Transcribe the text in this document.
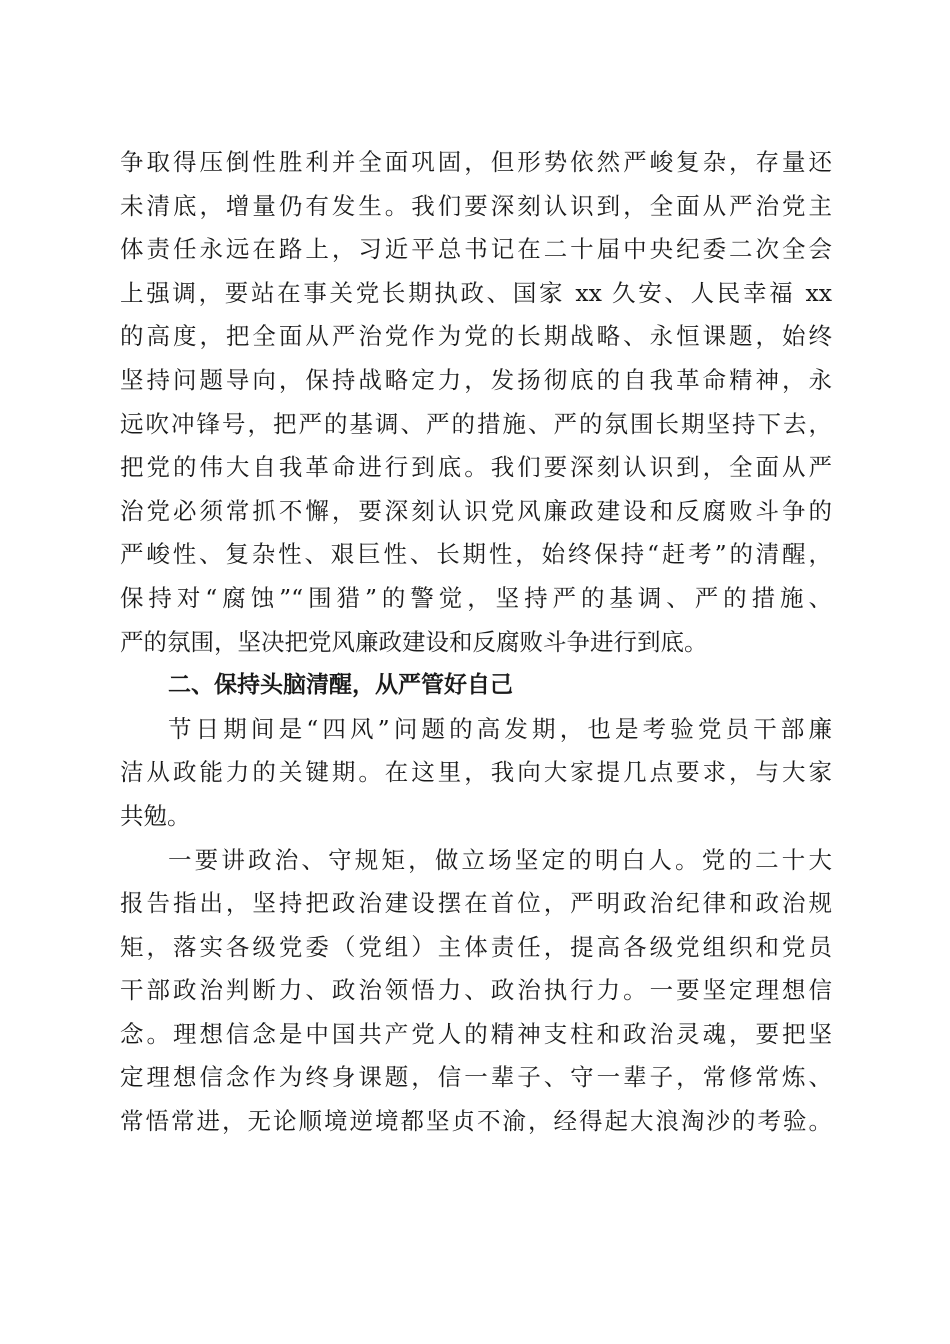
争取得压倒性胜利并全面巩固，但形势依然严峻复杂，存量还
未清底，增量仍有发生。我们要深刻认识到，全面从严治党主
体责任永远在路上，习近平总书记在二十届中央纪委二次全会
上强调，要站在事关党长期执政、国家 xx 久安、人民幸福 xx
的高度，把全面从严治党作为党的长期战略、永恒课题，始终
坚持问题导向，保持战略定力，发扬彻底的自我革命精神，永
远吹冲锋号，把严的基调、严的措施、严的氛围长期坚持下去，
把党的伟大自我革命进行到底。我们要深刻认识到，全面从严
治党必须常抓不懈，要深刻认识党风廉政建设和反腐败斗争的
严峻性、复杂性、艰巨性、长期性，始终保持“赶考”的清醒，
保持对“腐蚀”“围猎”的警觉，坚持严的基调、严的措施、
严的氛围，坚决把党风廉政建设和反腐败斗争进行到底。
二、保持头脑清醒，从严管好自己
节日期间是“四风”问题的高发期，也是考验党员干部廉
洁从政能力的关键期。在这里，我向大家提几点要求，与大家
共勉。
一要讲政治、守规矩，做立场坚定的明白人。党的二十大
报告指出，坚持把政治建设摆在首位，严明政治纪律和政治规
矩，落实各级党委（党组）主体责任，提高各级党组织和党员
干部政治判断力、政治领悟力、政治执行力。一要坚定理想信
念。理想信念是中国共产党人的精神支柱和政治灵魂，要把坚
定理想信念作为终身课题，信一辈子、守一辈子，常修常炼、
常悟常进，无论顺境逆境都坚贞不渝，经得起大浪淘沙的考验。
